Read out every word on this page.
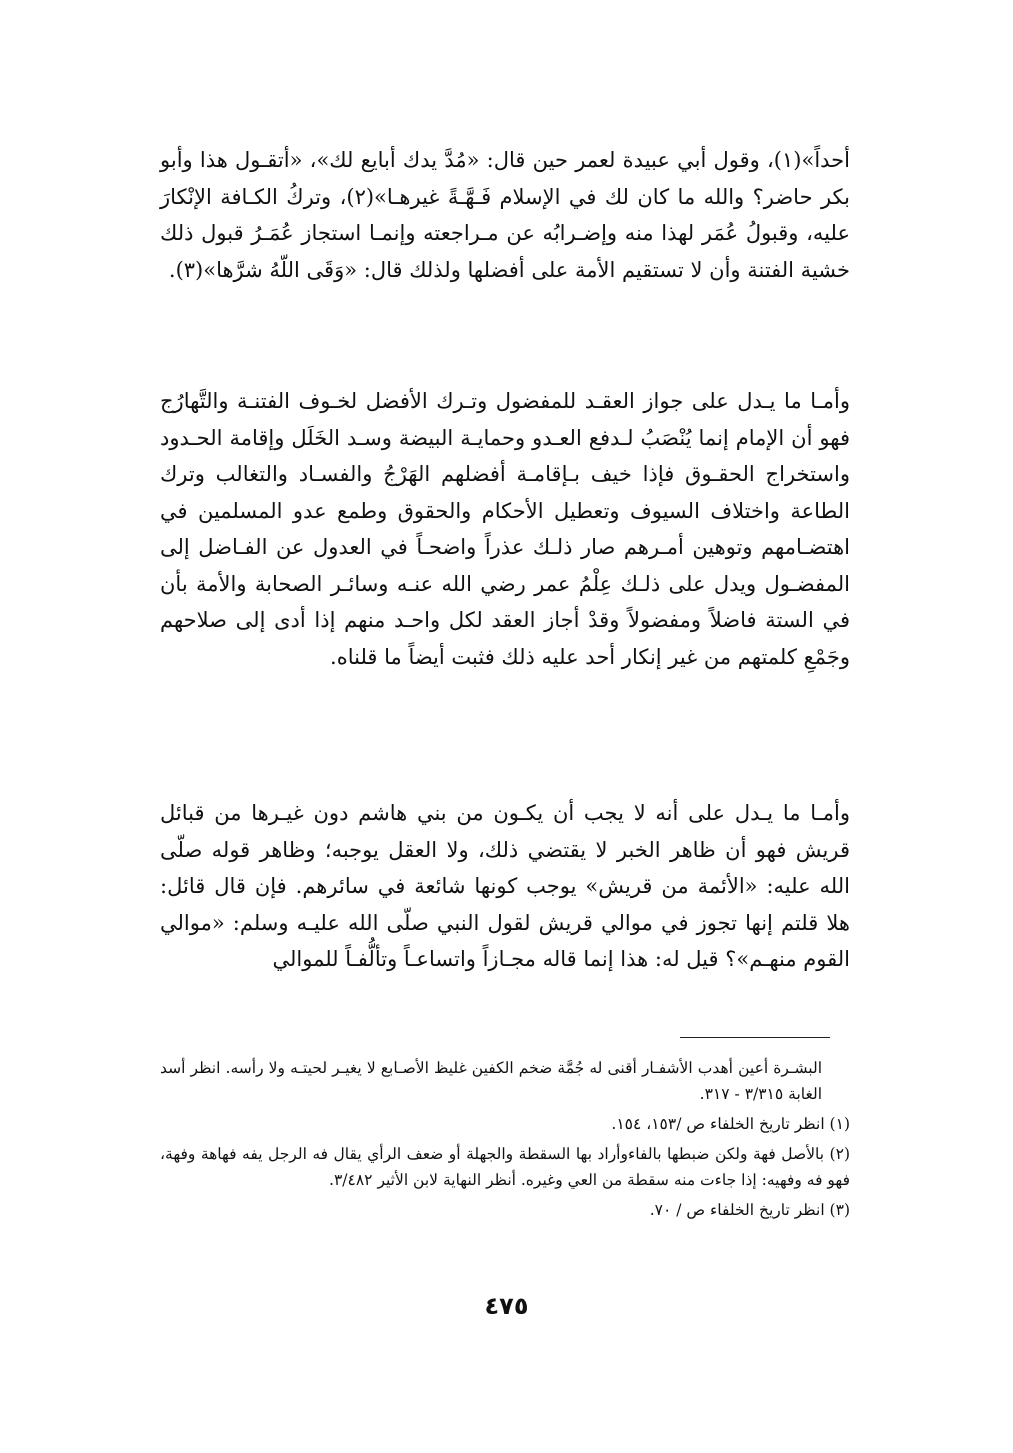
أحداً»(١)، وقول أبي عبيدة لعمر حين قال: «مُدَّ يدك أبايع لك»، «أتقـول هذا وأبو بكر حاضر؟ والله ما كان لك في الإسلام فَـهَّـةً غيرهـا»(٢)، وتركُ الكـافة الإنْكارَ عليه، وقبولُ عُمَر لهذا منه وإضـرابُه عن مـراجعته وإنمـا استجاز عُمَـرُ قبول ذلك خشية الفتنة وأن لا تستقيم الأمة على أفضلها ولذلك قال: «وَقَى اللّهُ شرَّها»(٣).

وأمـا ما يـدل على جواز العقـد للمفضول وتـرك الأفضل لخـوف الفتنـة والتَّهارُج فهو أن الإمام إنما يُنْصَبُ لـدفع العـدو وحمايـة البيضة وسـد الخَلَل وإقامة الحـدود واستخراج الحقـوق فإذا خيف بـإقامـة أفضلهم الهَرْجُ والفسـاد والتغالب وترك الطاعة واختلاف السيوف وتعطيل الأحكام والحقوق وطمع عدو المسلمين في اهتضـامهم وتوهين أمـرهم صار ذلـك عذراً واضحـاً في العدول عن الفـاضل إلى المفضـول ويدل على ذلـك عِلْمُ عمر رضي الله عنـه وسائـر الصحابة والأمة بأن في الستة فاضلاً ومفضولاً وقدْ أجاز العقد لكل واحـد منهم إذا أدى إلى صلاحهم وجَمْعِ كلمتهم من غير إنكار أحد عليه ذلك فثبت أيضاً ما قلناه.

وأمـا ما يـدل على أنه لا يجب أن يكـون من بني هاشم دون غيـرها من قبائل قريش فهو أن ظاهر الخبر لا يقتضي ذلك، ولا العقل يوجبه؛ وظاهر قوله صلّى الله عليه: «الأئمة من قريش» يوجب كونها شائعة في سائرهم. فإن قال قائل: هلا قلتم إنها تجوز في موالي قريش لقول النبي صلّى الله عليـه وسلم: «موالي القوم منهـم»؟ قيل له: هذا إنما قاله مجـازاً واتساعـاً وتألُّفـاً للموالي

البشـرة أعين أهدب الأشفـار أقنى له جُمَّة ضخم الكفين غليظ الأصـابع لا يغيـر لحيتـه ولا رأسه. انظر أسد الغابة ٣/٣١٥ - ٣١٧.

(١) انظر تاريخ الخلفاء ص /١٥٣، ١٥٤.

(٢) بالأصل فهة ولكن ضبطها بالفاءوأراد بها السقطة والجهلة أو ضعف الرأي يقال فه الرجل يفه فهاهة وفهة، فهو فه وفهيه: إذا جاءت منه سقطة من العي وغيره. أنظر النهاية لابن الأثير ٣/٤٨٢.

(٣) انظر تاريخ الخلفاء ص / ٧٠.

٤٧٥
